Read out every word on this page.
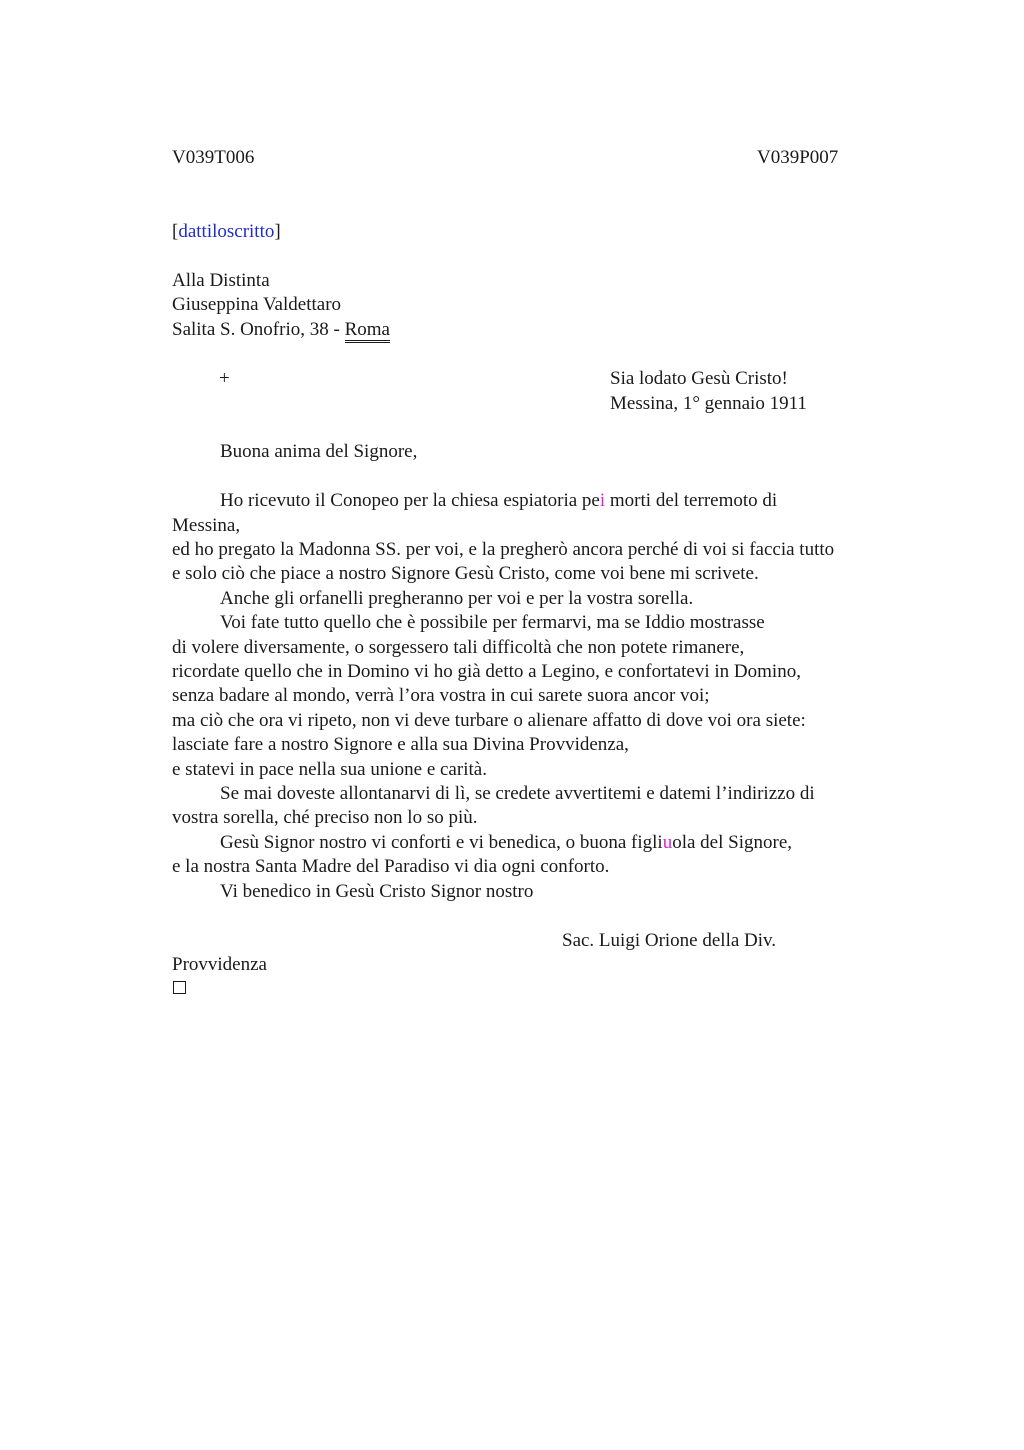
V039T006	V039P007
[dattiloscritto]
Alla Distinta
Giuseppina Valdettaro
Salita S. Onofrio, 38 - Roma
+	Sia lodato Gesù Cristo!
Messina, 1° gennaio 1911
Buona anima del Signore,
Ho ricevuto il Conopeo per la chiesa espiatoria pei morti del terremoto di
Messina,
ed ho pregato la Madonna SS. per voi, e la pregherò ancora perché di voi si faccia tutto
e solo ciò che piace a nostro Signore Gesù Cristo, come voi bene mi scrivete.
Anche gli orfanelli pregheranno per voi e per la vostra sorella.
Voi fate tutto quello che è possibile per fermarvi, ma se Iddio mostrasse
di volere diversamente, o sorgessero tali difficoltà che non potete rimanere,
ricordate quello che in Domino vi ho già detto a Legino, e confortatevi in Domino,
senza badare al mondo, verrà l’ora vostra in cui sarete suora ancor voi;
ma ciò che ora vi ripeto, non vi deve turbare o alienare affatto di dove voi ora siete:
lasciate fare a nostro Signore e alla sua Divina Provvidenza,
e statevi in pace nella sua unione e carità.
Se mai doveste allontanarvi di lì, se credete avvertitemi e datemi l’indirizzo di
vostra sorella, ché preciso non lo so più.
Gesù Signor nostro vi conforti e vi benedica, o buona figliuola del Signore,
e la nostra Santa Madre del Paradiso vi dia ogni conforto.
Vi benedico in Gesù Cristo Signor nostro
Sac. Luigi Orione della Div.
Provvidenza
